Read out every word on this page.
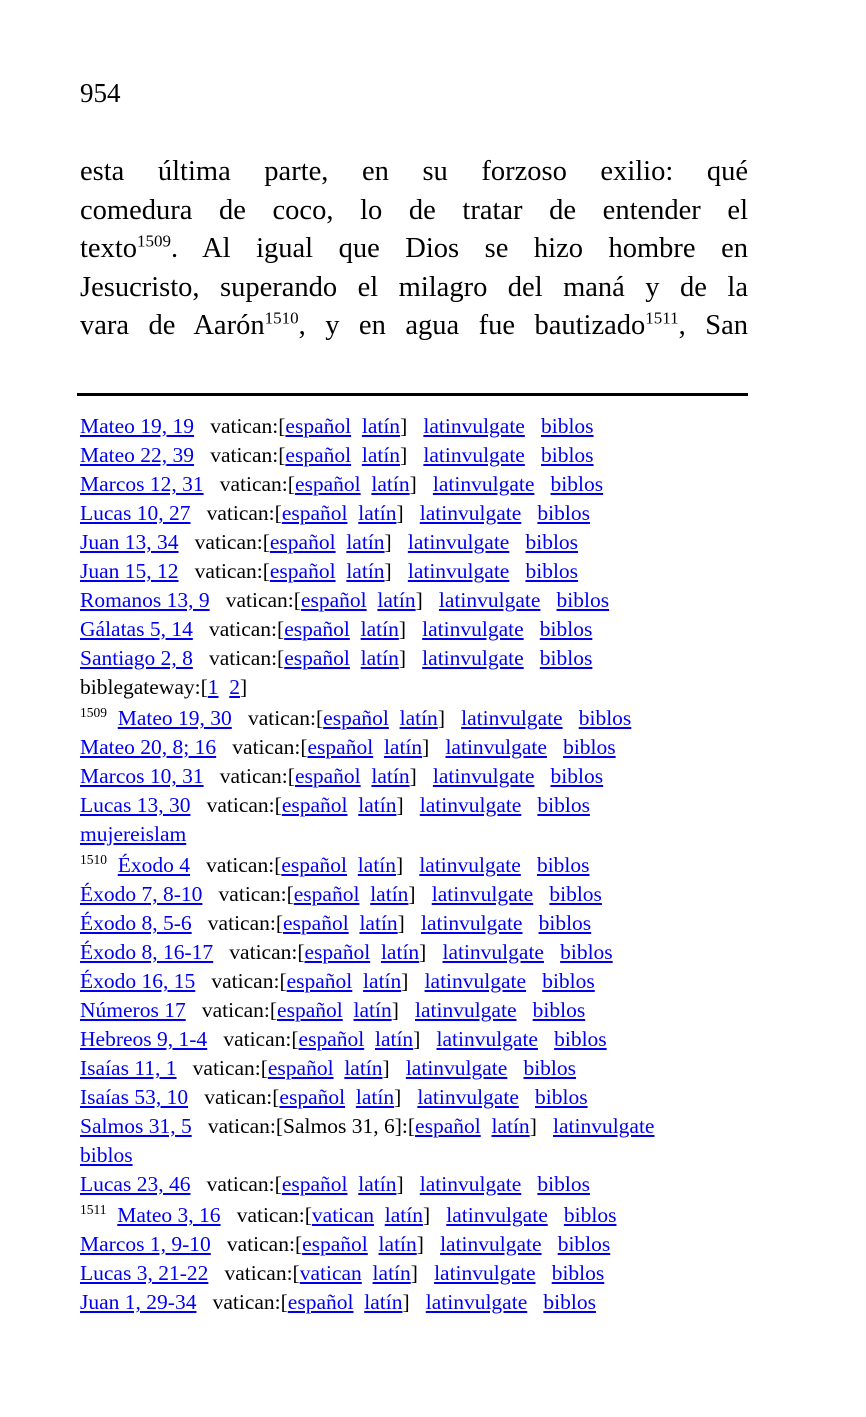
954
esta última parte, en su forzoso exilio: qué
comedura de coco, lo de tratar de entender el
texto$^{1509}$. Al igual que Dios se hizo hombre en
Jesucristo, superando el milagro del maná y de la
vara de Aarón$^{1510}$, y en agua fue bautizado$^{1511}$, San
Mateo 19, 19   vatican:[español latín]   latinvulgate biblos
Mateo 22, 39   vatican:[español latín]   latinvulgate biblos
Marcos 12, 31   vatican:[español latín]   latinvulgate biblos
Lucas 10, 27   vatican:[español latín]   latinvulgate biblos
Juan 13, 34   vatican:[español latín]   latinvulgate biblos
Juan 15, 12   vatican:[español latín]   latinvulgate biblos
Romanos 13, 9   vatican:[español latín]   latinvulgate biblos
Gálatas 5, 14   vatican:[español latín]   latinvulgate biblos
Santiago 2, 8   vatican:[español latín]   latinvulgate biblos
biblegateway:[1 2]
$^{1509}$ Mateo 19, 30   vatican:[español latín]   latinvulgate biblos
Mateo 20, 8; 16   vatican:[español latín]   latinvulgate biblos
Marcos 10, 31   vatican:[español latín]   latinvulgate biblos
Lucas 13, 30   vatican:[español latín]   latinvulgate biblos
mujereislam
$^{1510}$ Éxodo 4   vatican:[español latín]   latinvulgate biblos
Éxodo 7, 8-10   vatican:[español latín]   latinvulgate biblos
Éxodo 8, 5-6   vatican:[español latín]   latinvulgate biblos
Éxodo 8, 16-17   vatican:[español latín]   latinvulgate biblos
Éxodo 16, 15   vatican:[español latín]   latinvulgate biblos
Números 17   vatican:[español latín]   latinvulgate biblos
Hebreos 9, 1-4   vatican:[español latín]   latinvulgate biblos
Isaías 11, 1   vatican:[español latín]   latinvulgate biblos
Isaías 53, 10   vatican:[español latín]   latinvulgate biblos
Salmos 31, 5   vatican:[Salmos 31, 6]:[español latín]   latinvulgate
biblos
Lucas 23, 46   vatican:[español latín]   latinvulgate biblos
$^{1511}$ Mateo 3, 16   vatican:[vatican latín]   latinvulgate biblos
Marcos 1, 9-10   vatican:[español latín]   latinvulgate biblos
Lucas 3, 21-22   vatican:[vatican latín]   latinvulgate biblos
Juan 1, 29-34   vatican:[español latín]   latinvulgate biblos
